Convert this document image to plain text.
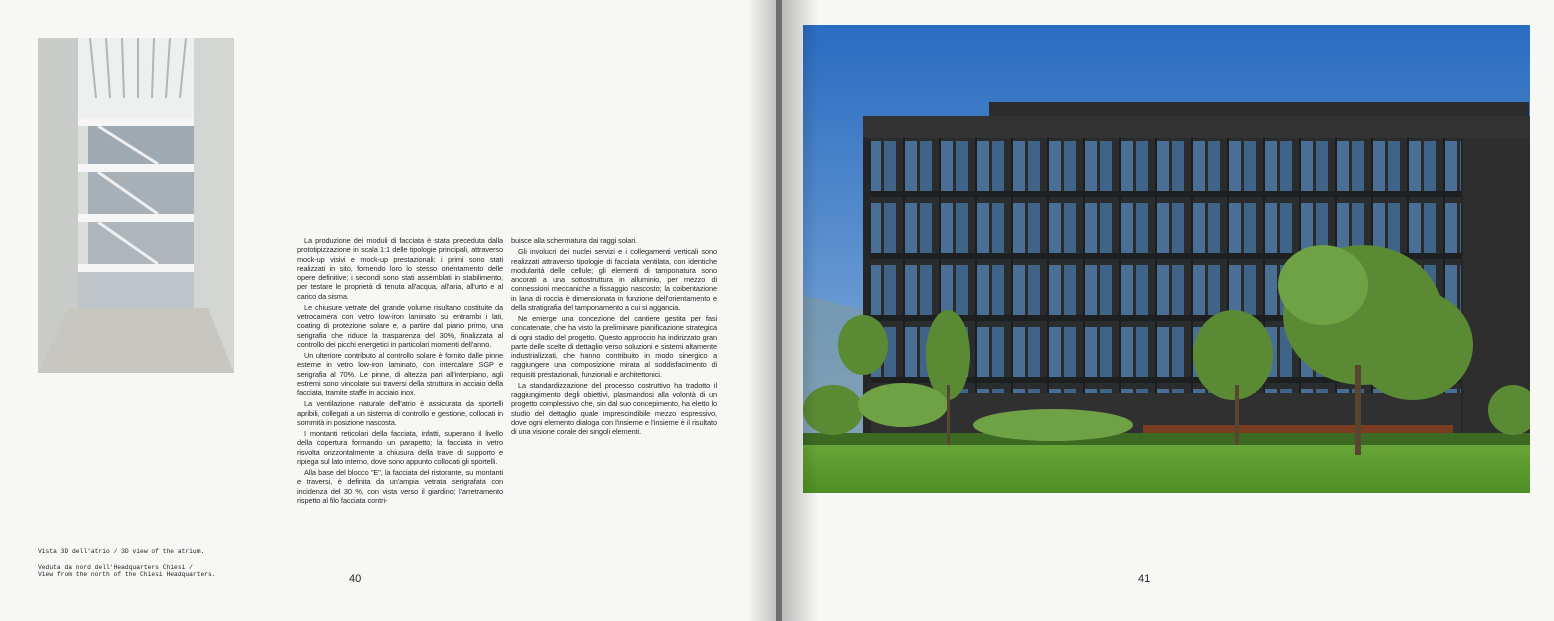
La produzione dei moduli di facciata è stata preceduta dalla prototipizzazione in scala 1:1 delle tipologie principali, attraverso mock-up visivi e mock-up prestazionali: i primi sono stati realizzati in sito, fornendo loro lo stesso orientamento delle opere definitive; i secondi sono stati assemblati in stabilimento, per testare le proprietà di tenuta all'acqua, all'aria, all'urto e al carico da sisma.

Le chiusure vetrate del grande volume risultano costituite da vetrocamera con vetro low-iron laminato su entrambi i lati, coating di protezione solare e, a partire dal piano primo, una serigrafia che riduce la trasparenza del 30%, finalizzata al controllo dei picchi energetici in particolari momenti dell'anno.

Un ulteriore contributo al controllo solare è fornito dalle pinne esterne in vetro low-iron laminato, con intercalare SGP e serigrafia al 70%. Le pinne, di altezza pari all'interpiano, agli estremi sono vincolate sui traversi della struttura in acciaio della facciata, tramite staffe in acciaio inox.

La ventilazione naturale dell'atrio è assicurata da sportelli apribili, collegati a un sistema di controllo e gestione, collocati in sommità in posizione nascosta.

I montanti reticolari della facciata, infatti, superano il livello della copertura formando un parapetto; la facciata in vetro risvolta orizzontalmente a chiusura della trave di supporto e ripiega sul lato interno, dove sono appunto collocati gli sportelli.

Alla base del blocco "E", la facciata del ristorante, su montanti e traversi, è definita da un'ampia vetrata serigrafata con incidenza del 30 %, con vista verso il giardino; l'arretramento rispetto al filo facciata contri-

buisce alla schermatura dai raggi solari.

Gli involucri dei nuclei servizi e i collegamenti verticali sono realizzati attraverso tipologie di facciata ventilata, con identiche modularità delle cellule; gli elementi di tamponatura sono ancorati a una sottostruttura in alluminio, per mezzo di connessioni meccaniche a fissaggio nascosto; la coibentazione in lana di roccia è dimensionata in funzione dell'orientamento e della stratigrafia del tamponamento a cui si aggancia.

Ne emerge una concezione del cantiere gestita per fasi concatenate, che ha visto la preliminare pianificazione strategica di ogni stadio del progetto. Questo approccio ha indirizzato gran parte delle scelte di dettaglio verso soluzioni e sistemi altamente industrializzati, che hanno contribuito in modo sinergico a raggiungere una composizione mirata al soddisfacimento di requisiti prestazionali, funzionali e architettonici.

La standardizzazione del processo costruttivo ha tradotto il raggiungimento degli obiettivi, plasmandosi alla volontà di un progetto complessivo che, sin dal suo concepimento, ha eletto lo studio del dettaglio quale imprescindibile mezzo espressivo, dove ogni elemento dialoga con l'insieme e l'insieme è il risultato di una visione corale dei singoli elementi.

Vista 3D dell'atrio / 3D view of the atrium.
Veduta da nord dell'Headquarters Chiesi /
View from the north of the Chiesi Headquarters.	40	41
